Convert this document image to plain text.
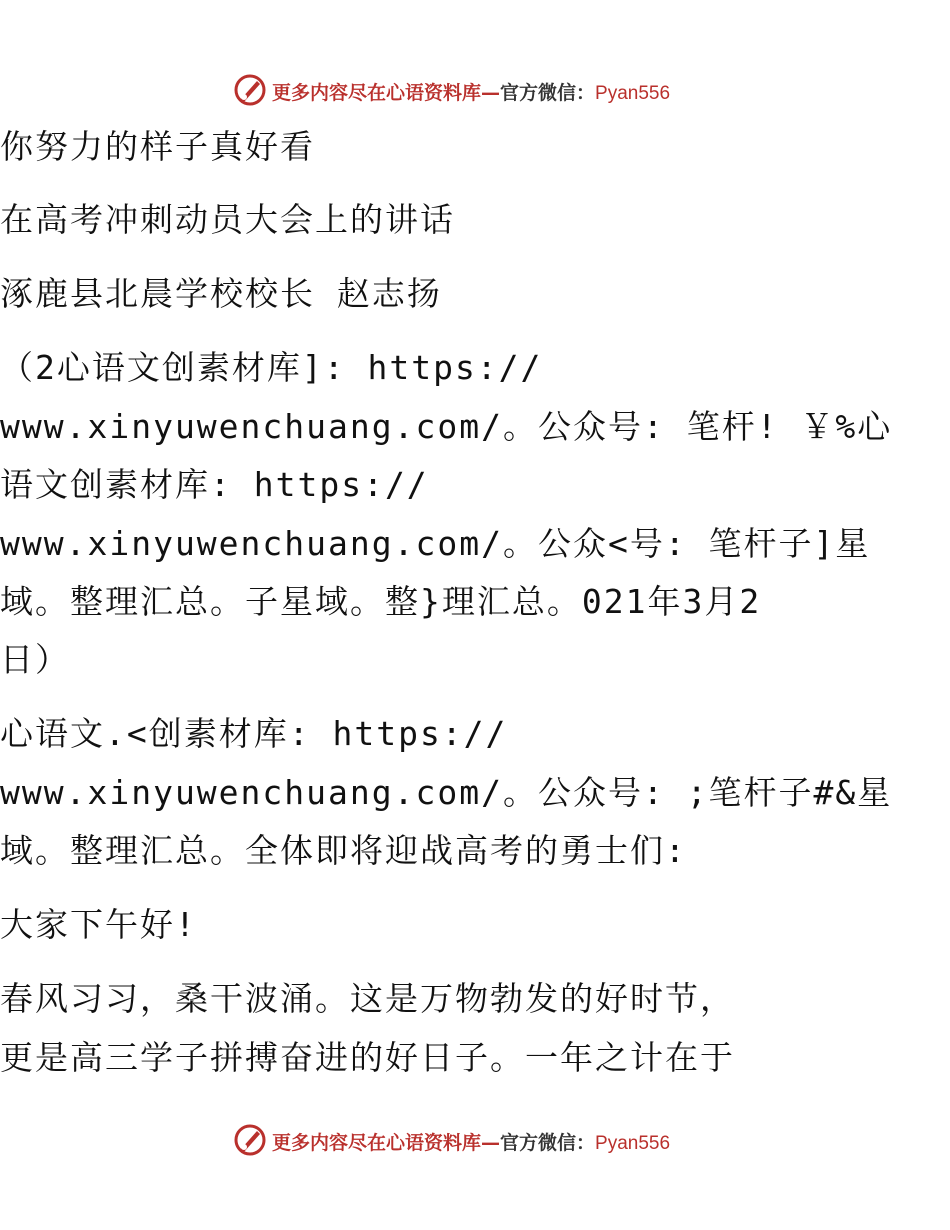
更多内容尽在心语资料库—官方微信：Pyan556
你努力的样子真好看
在高考冲刺动员大会上的讲话
涿鹿县北晨学校校长 赵志扬
（2心语文创素材库]: https://
www.xinyuwenchuang.com/。公众号: 笔杆! ￥%心
语文创素材库: https://
www.xinyuwenchuang.com/。公众<号: 笔杆子]星
域。整理汇总。子星域。整}理汇总。021年3月2
日）
心语文.<创素材库: https://
www.xinyuwenchuang.com/。公众号: ;笔杆子#&星
域。整理汇总。全体即将迎战高考的勇士们:
大家下午好!
春风习习，桑干波涌。这是万物勃发的好时节，
更是高三学子拼搏奋进的好日子。一年之计在于
更多内容尽在心语资料库—官方微信：Pyan556
